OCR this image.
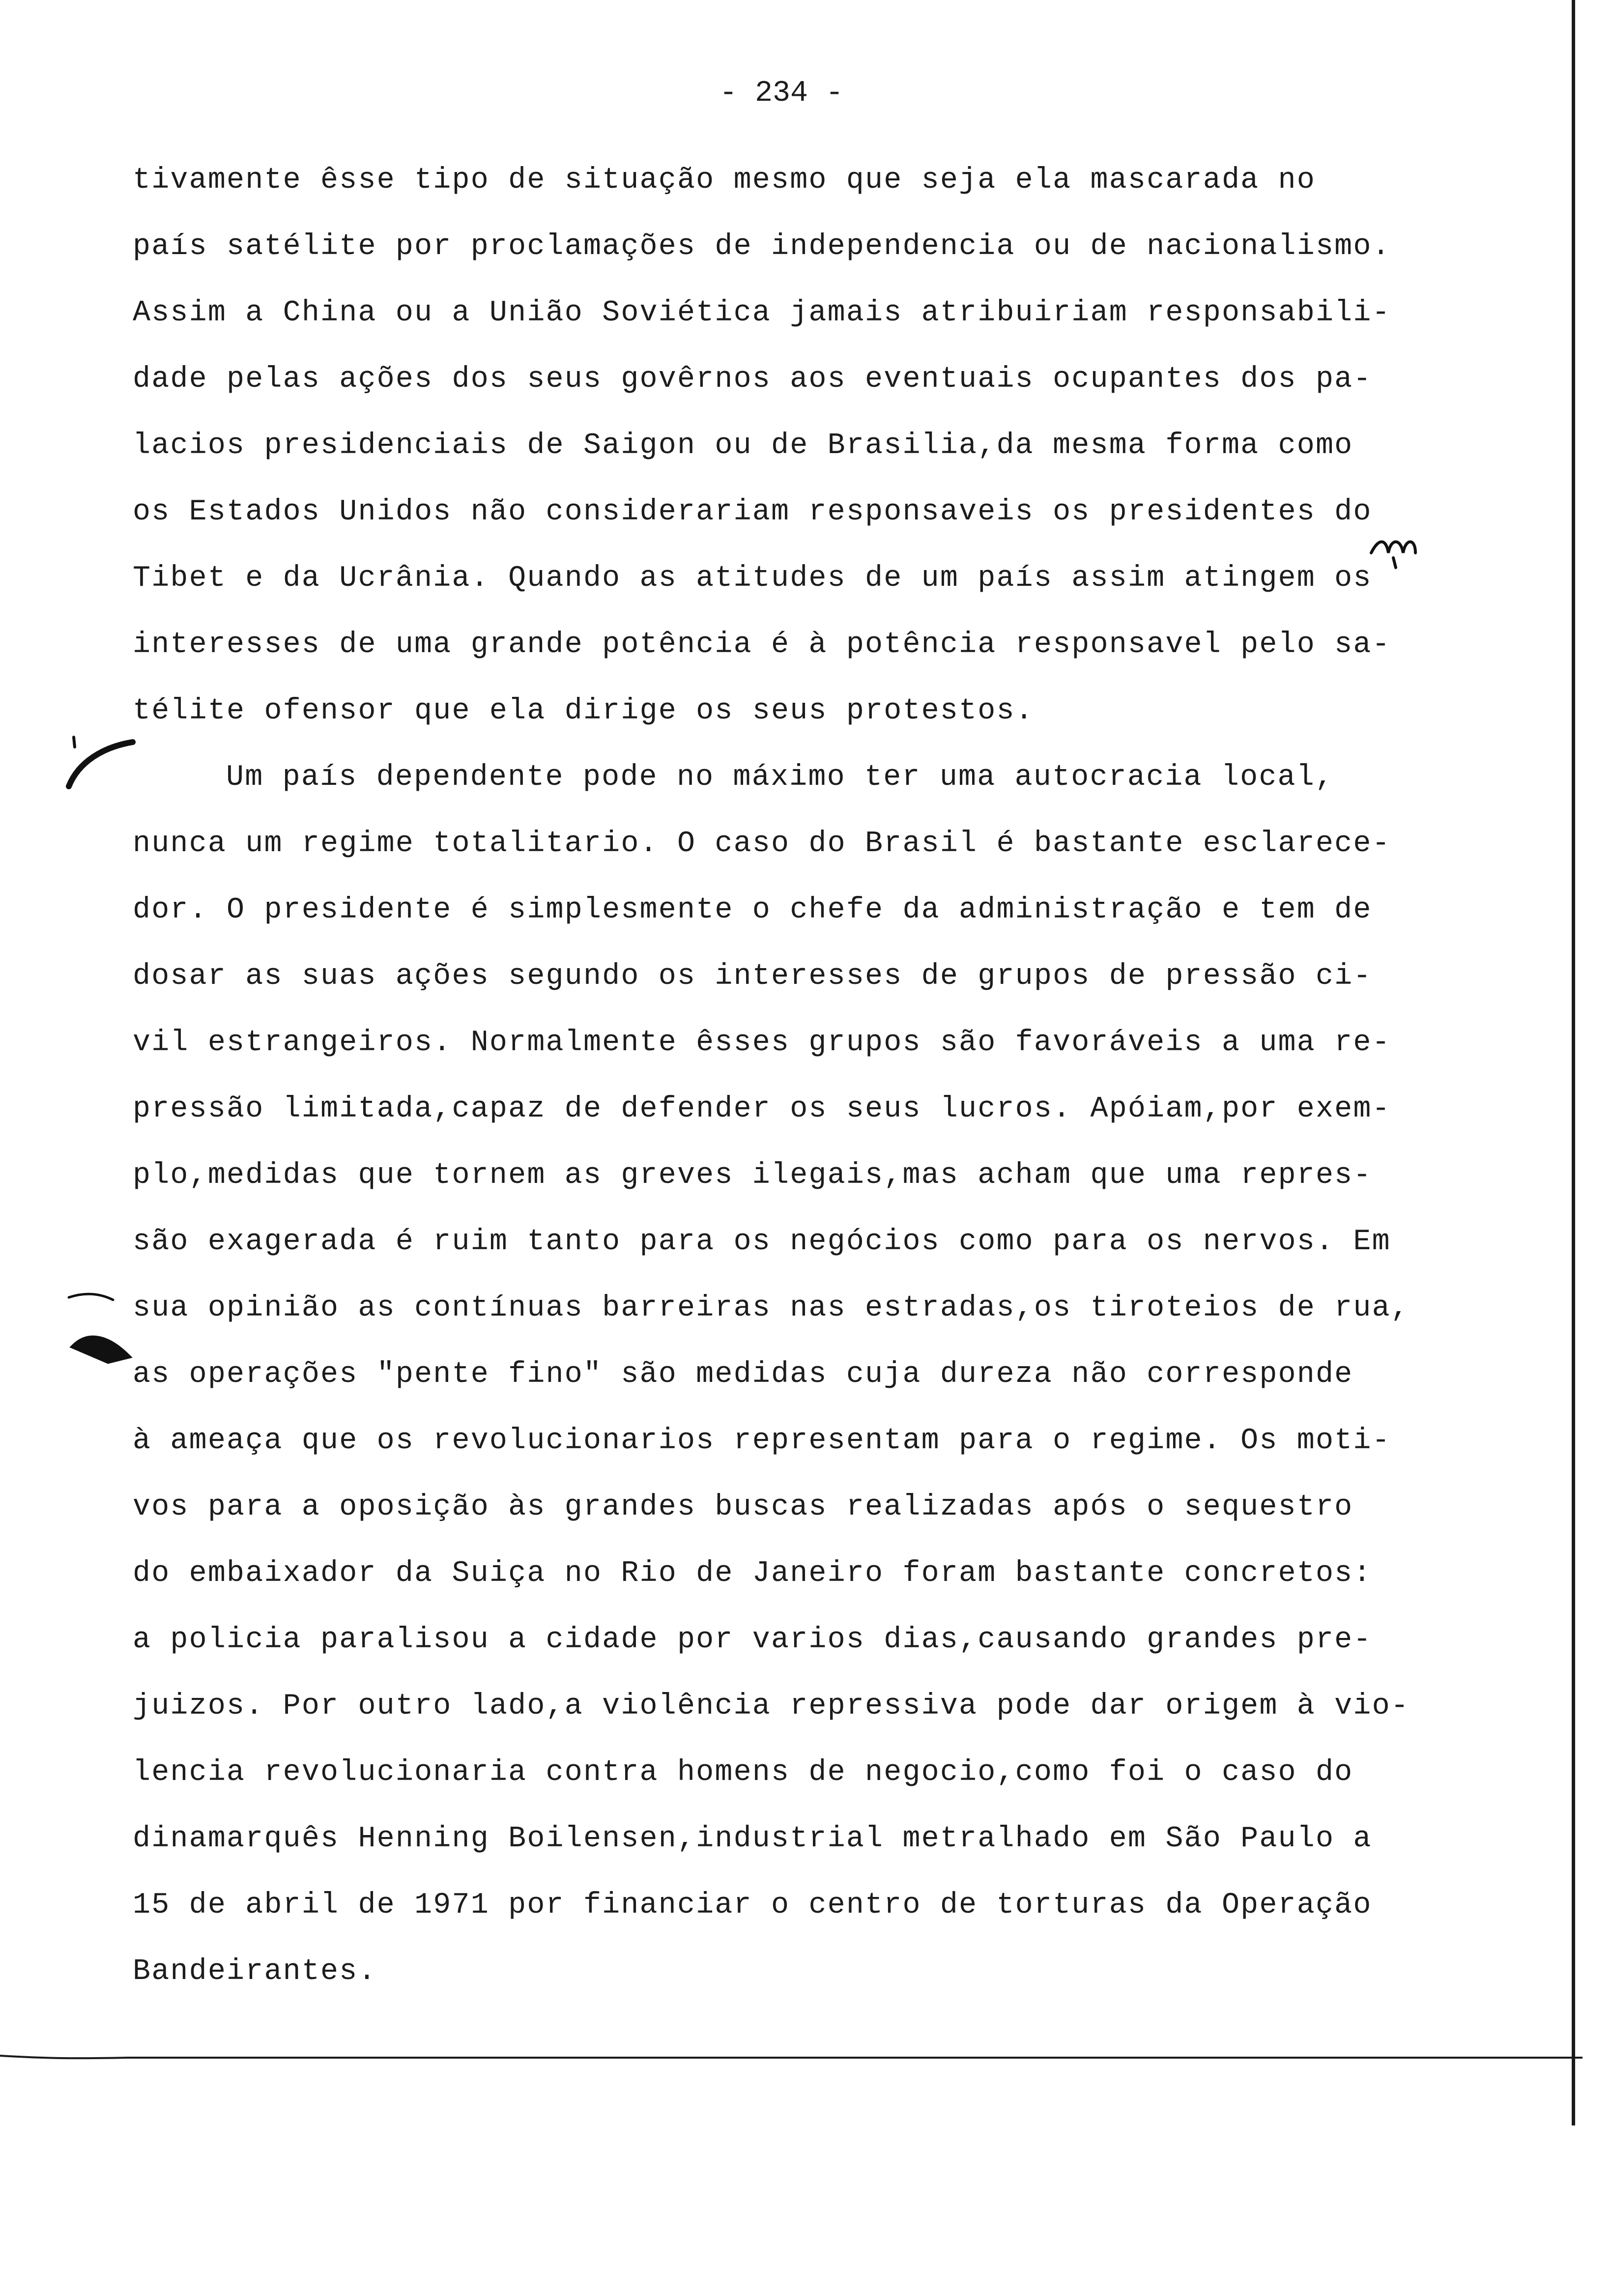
- 234 -
tivamente êsse tipo de situação mesmo que seja ela mascarada no
país satélite por proclamações de independencia ou de nacionalismo.
Assim a China ou a União Soviética jamais atribuiriam responsabili-
dade pelas ações dos seus govêrnos aos eventuais ocupantes dos pa-
lacios presidenciais de Saigon ou de Brasilia,da mesma forma como
os Estados Unidos não considerariam responsaveis os presidentes do
Tibet e da Ucrânia. Quando as atitudes de um país assim atingem os
interesses de uma grande potência é à potência responsavel pelo sa-
télite ofensor que ela dirige os seus protestos.
Um país dependente pode no máximo ter uma autocracia local,
nunca um regime totalitario. O caso do Brasil é bastante esclarece-
dor. O presidente é simplesmente o chefe da administração e tem de
dosar as suas ações segundo os interesses de grupos de pressão ci-
vil estrangeiros. Normalmente êsses grupos são favoráveis a uma re-
pressão limitada,capaz de defender os seus lucros. Apóiam,por exem-
plo,medidas que tornem as greves ilegais,mas acham que uma repres-
são exagerada é ruim tanto para os negócios como para os nervos. Em
sua opinião as contínuas barreiras nas estradas,os tiroteios de rua,
as operações "pente fino" são medidas cuja dureza não corresponde
à ameaça que os revolucionarios representam para o regime. Os moti-
vos para a oposição às grandes buscas realizadas após o sequestro
do embaixador da Suiça no Rio de Janeiro foram bastante concretos:
a policia paralisou a cidade por varios dias,causando grandes pre-
juizos. Por outro lado,a violência repressiva pode dar origem à vio-
lencia revolucionaria contra homens de negocio,como foi o caso do
dinamarquês Henning Boilensen,industrial metralhado em São Paulo a
15 de abril de 1971 por financiar o centro de torturas da Operação
Bandeirantes.
